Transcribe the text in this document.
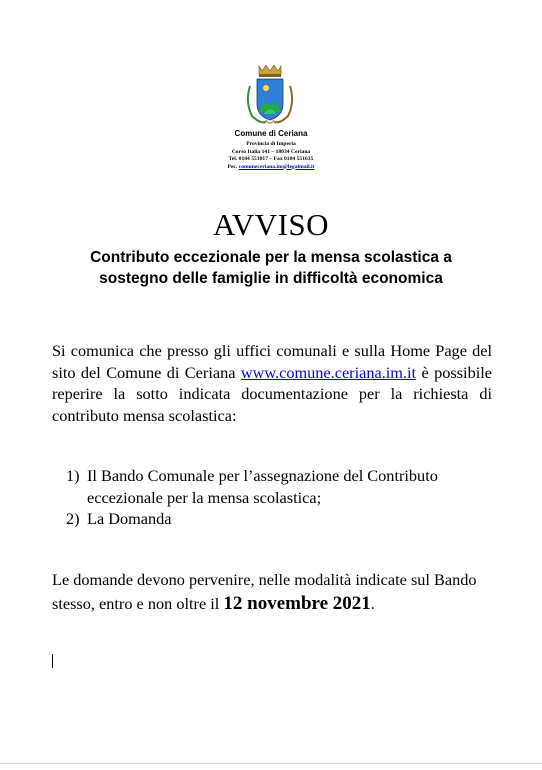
Comune di Ceriana
Provincia di Imperia
Corso Italia 141 – 18034 Ceriana
Tel. 0184 551017 – Fax 0184 551635
Pec. comuneceriana.im@legalmail.it
AVVISO
Contributo eccezionale per la mensa scolastica a
sostegno delle famiglie in difficoltà economica
Si comunica che presso gli uffici comunali e sulla Home Page del sito del Comune di Ceriana www.comune.ceriana.im.it è possibile reperire la sotto indicata documentazione per la richiesta di contributo mensa scolastica:
1) Il Bando Comunale per l’assegnazione del Contributo eccezionale per la mensa scolastica;
2) La Domanda
Le domande devono pervenire, nelle modalità indicate sul Bando stesso, entro e non oltre il 12 novembre 2021.
